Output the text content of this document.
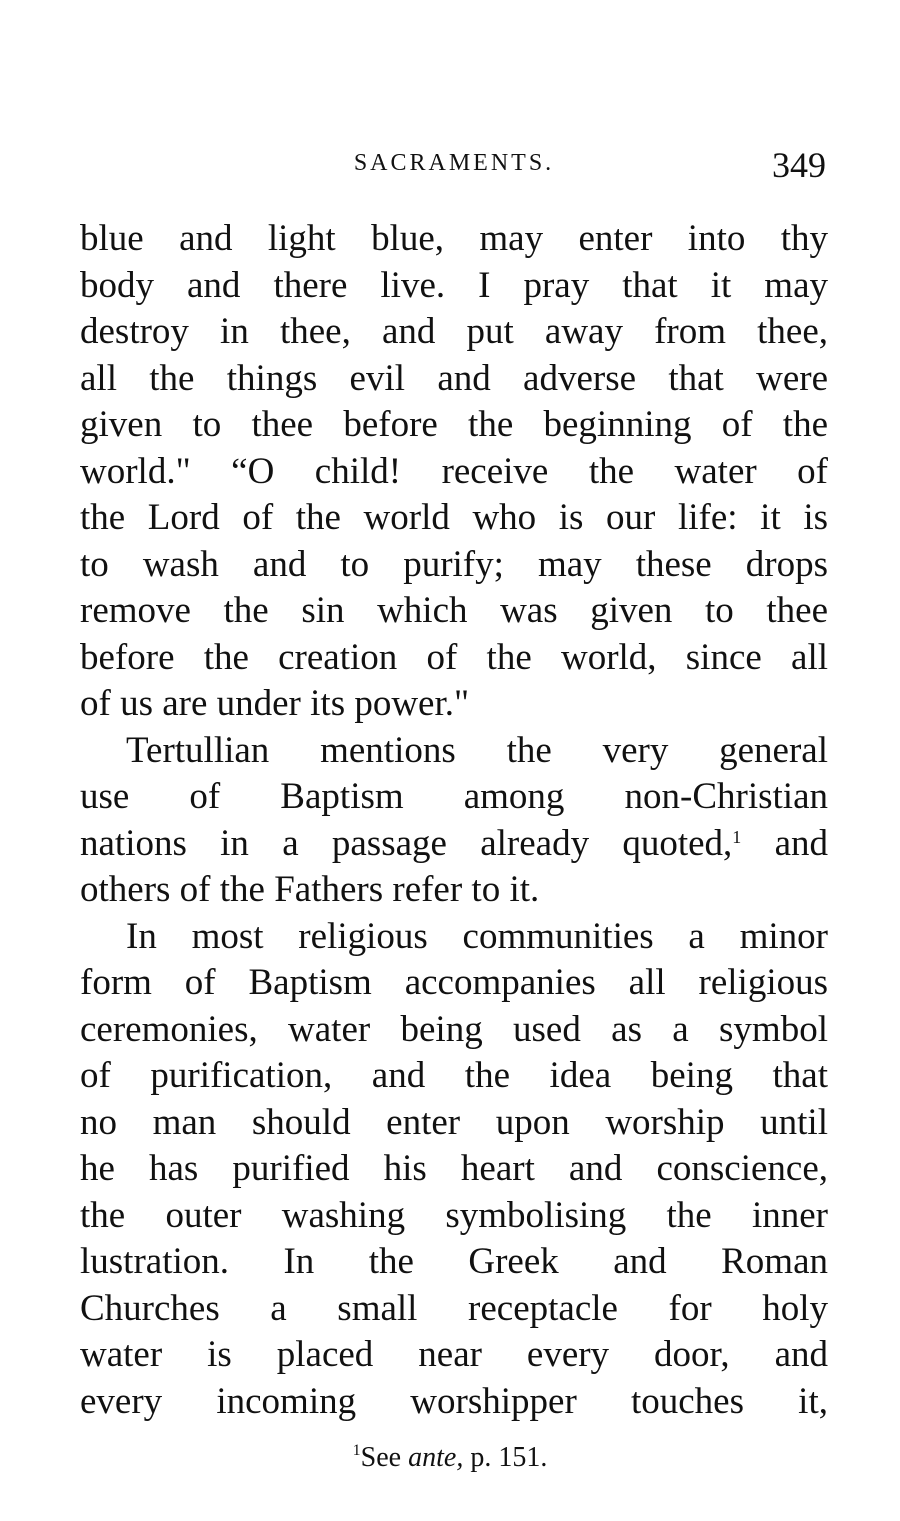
SACRAMENTS.	349
blue and light blue, may enter into thy
body and there live. I pray that it may
destroy in thee, and put away from thee,
all the things evil and adverse that were
given to thee before the beginning of the
world." “O child! receive the water of
the Lord of the world who is our life: it is
to wash and to purify; may these drops
remove the sin which was given to thee
before the creation of the world, since all
of us are under its power."
Tertullian mentions the very general
use of Baptism among non-Christian
nations in a passage already quoted,$^1$ and
others of the Fathers refer to it.
In most religious communities a minor
form of Baptism accompanies all religious
ceremonies, water being used as a symbol
of purification, and the idea being that
no man should enter upon worship until
he has purified his heart and conscience,
the outer washing symbolising the inner
lustration. In the Greek and Roman
Churches a small receptacle for holy
water is placed near every door, and
every incoming worshipper touches it,
$^1$See ante, p. 151.
